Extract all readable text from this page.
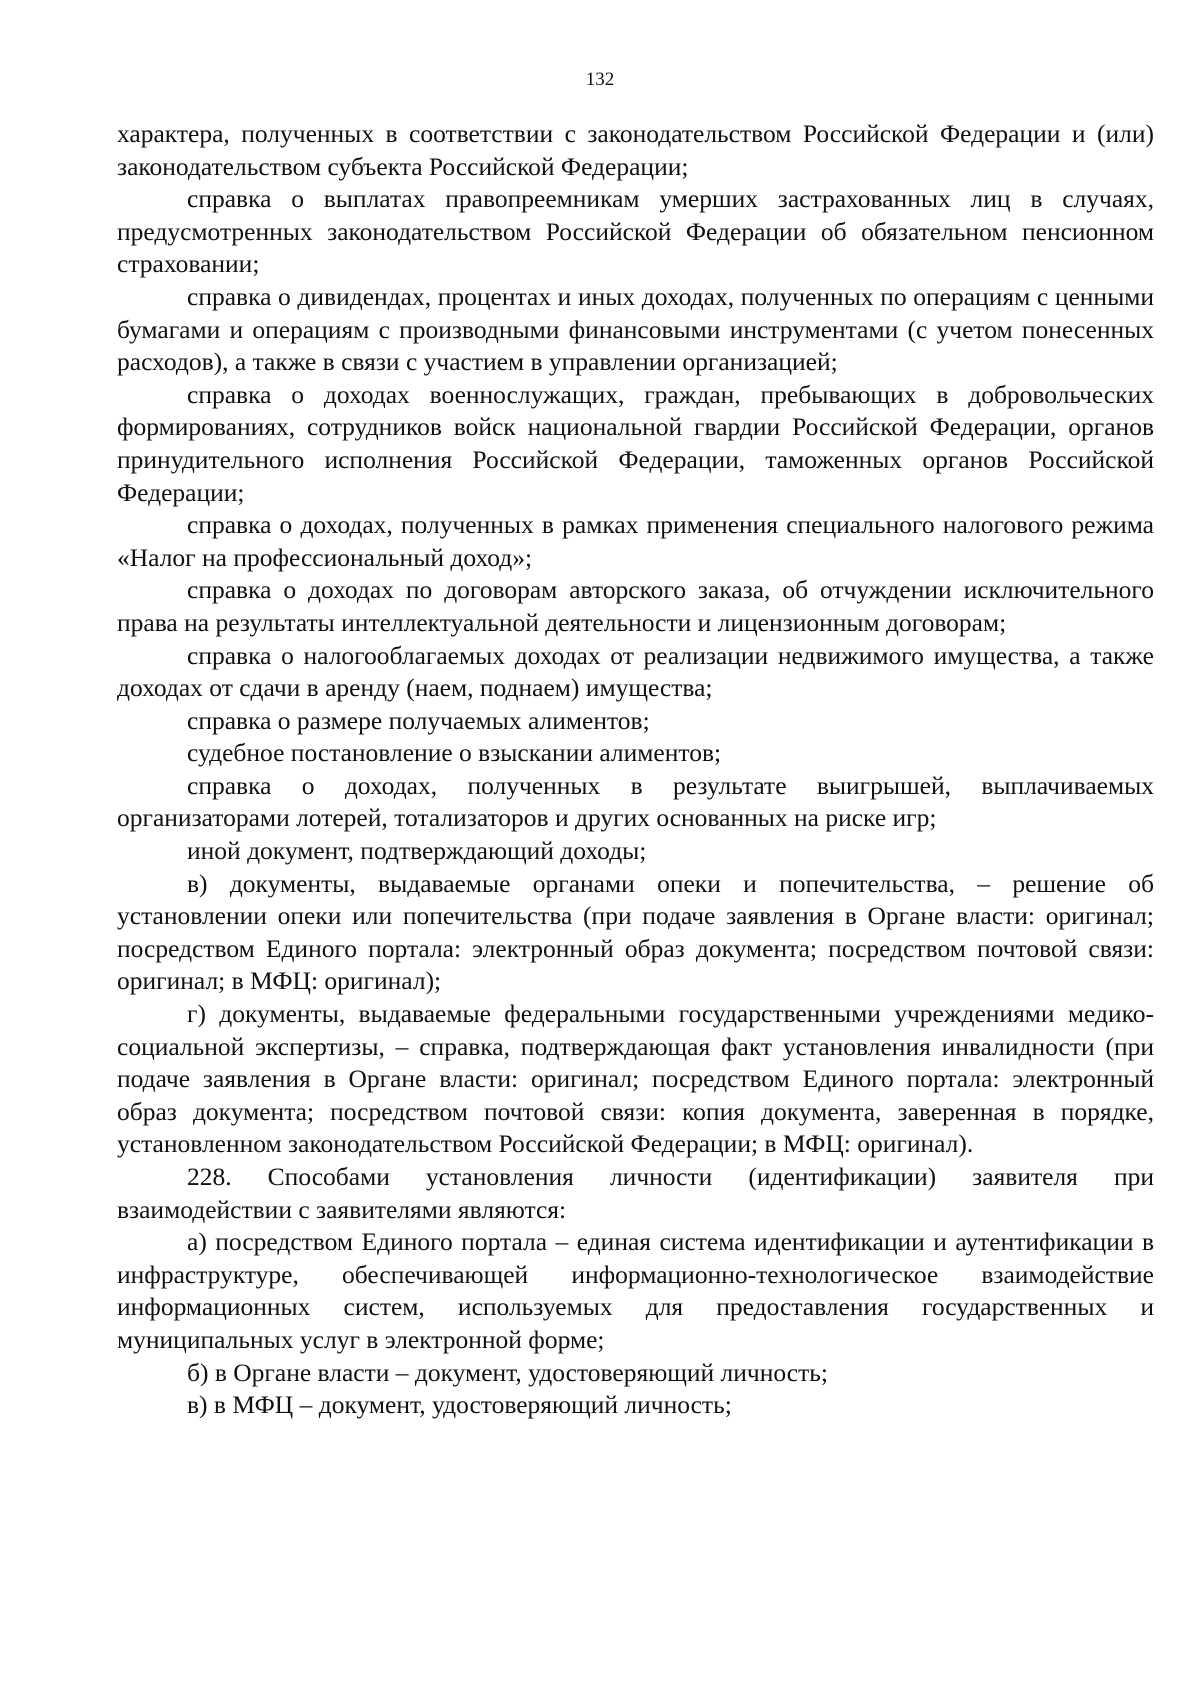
132

характера, полученных в соответствии с законодательством Российской Федерации и (или) законодательством субъекта Российской Федерации;

справка о выплатах правопреемникам умерших застрахованных лиц в случаях, предусмотренных законодательством Российской Федерации об обязательном пенсионном страховании;

справка о дивидендах, процентах и иных доходах, полученных по операциям с ценными бумагами и операциям с производными финансовыми инструментами (с учетом понесенных расходов), а также в связи с участием в управлении организацией;

справка о доходах военнослужащих, граждан, пребывающих в добровольческих формированиях, сотрудников войск национальной гвардии Российской Федерации, органов принудительного исполнения Российской Федерации, таможенных органов Российской Федерации;

справка о доходах, полученных в рамках применения специального налогового режима «Налог на профессиональный доход»;

справка о доходах по договорам авторского заказа, об отчуждении исключительного права на результаты интеллектуальной деятельности и лицензионным договорам;

справка о налогооблагаемых доходах от реализации недвижимого имущества, а также доходах от сдачи в аренду (наем, поднаем) имущества;

справка о размере получаемых алиментов;

судебное постановление о взыскании алиментов;

справка о доходах, полученных в результате выигрышей, выплачиваемых организаторами лотерей, тотализаторов и других основанных на риске игр;

иной документ, подтверждающий доходы;

в) документы, выдаваемые органами опеки и попечительства, – решение об установлении опеки или попечительства (при подаче заявления в Органе власти: оригинал; посредством Единого портала: электронный образ документа; посредством почтовой связи: оригинал; в МФЦ: оригинал);

г) документы, выдаваемые федеральными государственными учреждениями медико-социальной экспертизы, – справка, подтверждающая факт установления инвалидности (при подаче заявления в Органе власти: оригинал; посредством Единого портала: электронный образ документа; посредством почтовой связи: копия документа, заверенная в порядке, установленном законодательством Российской Федерации; в МФЦ: оригинал).

228. Способами установления личности (идентификации) заявителя при взаимодействии с заявителями являются:

а) посредством Единого портала – единая система идентификации и аутентификации в инфраструктуре, обеспечивающей информационно-технологическое взаимодействие информационных систем, используемых для предоставления государственных и муниципальных услуг в электронной форме;

б) в Органе власти – документ, удостоверяющий личность;

в) в МФЦ – документ, удостоверяющий личность;
